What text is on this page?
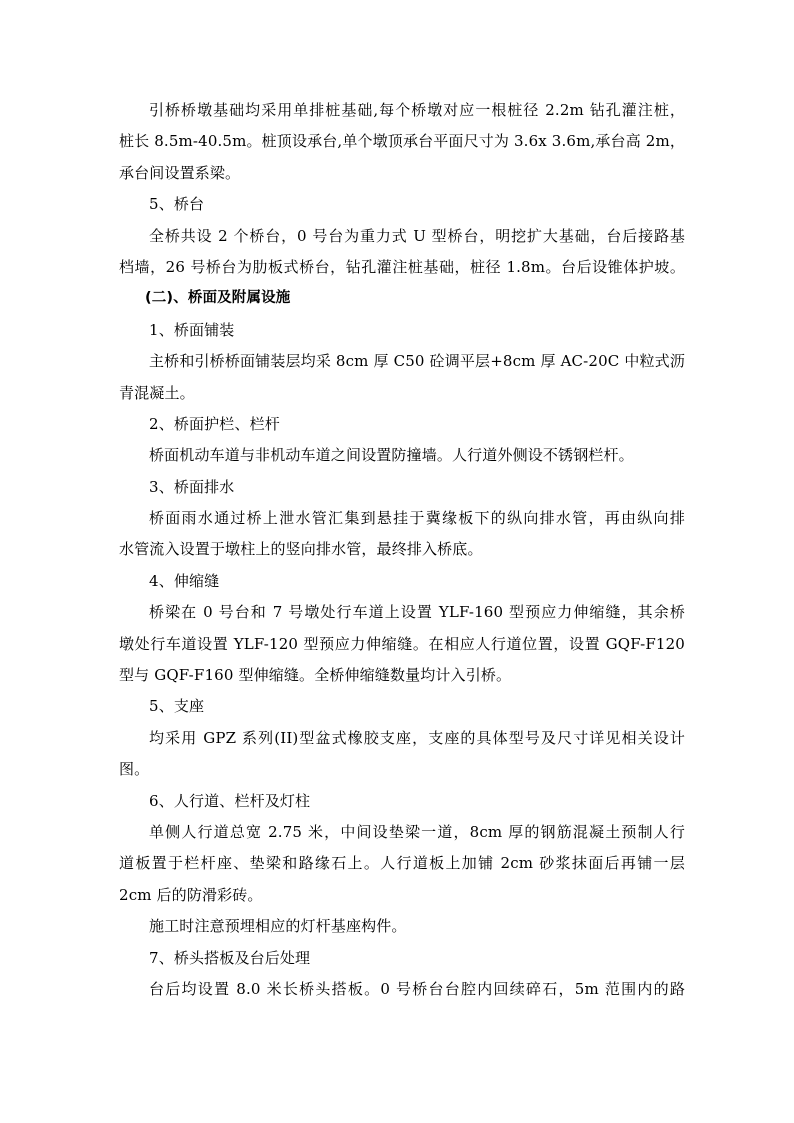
引桥桥墩基础均采用单排桩基础,每个桥墩对应一根桩径 2.2m 钻孔灌注桩，
桩长 8.5m-40.5m。桩顶设承台,单个墩顶承台平面尺寸为 3.6x 3.6m,承台高 2m，
承台间设置系梁。
5、桥台
全桥共设 2 个桥台，0 号台为重力式 U 型桥台，明挖扩大基础，台后接路基
档墙，26 号桥台为肋板式桥台，钻孔灌注桩基础，桩径 1.8m。台后设锥体护坡。
(二)、桥面及附属设施
1、桥面铺装
主桥和引桥桥面铺装层均采 8cm 厚 C50 砼调平层+8cm 厚 AC-20C 中粒式沥
青混凝土。
2、桥面护栏、栏杆
桥面机动车道与非机动车道之间设置防撞墙。人行道外侧设不锈钢栏杆。
3、桥面排水
桥面雨水通过桥上泄水管汇集到悬挂于冀缘板下的纵向排水管，再由纵向排
水管流入设置于墩柱上的竖向排水管，最终排入桥底。
4、伸缩缝
桥梁在 0 号台和 7 号墩处行车道上设置 YLF-160 型预应力伸缩缝，其余桥
墩处行车道设置 YLF-120 型预应力伸缩缝。在相应人行道位置，设置 GQF-F120
型与 GQF-F160 型伸缩缝。全桥伸缩缝数量均计入引桥。
5、支座
均采用 GPZ 系列(II)型盆式橡胶支座，支座的具体型号及尺寸详见相关设计
图。
6、人行道、栏杆及灯柱
单侧人行道总宽 2.75 米，中间设垫梁一道，8cm 厚的钢筋混凝土预制人行
道板置于栏杆座、垫梁和路缘石上。人行道板上加铺 2cm 砂浆抹面后再铺一层
2cm 后的防滑彩砖。
施工时注意预埋相应的灯杆基座构件。
7、桥头搭板及台后处理
台后均设置 8.0 米长桥头搭板。0 号桥台台腔内回续碎石，5m 范围内的路
